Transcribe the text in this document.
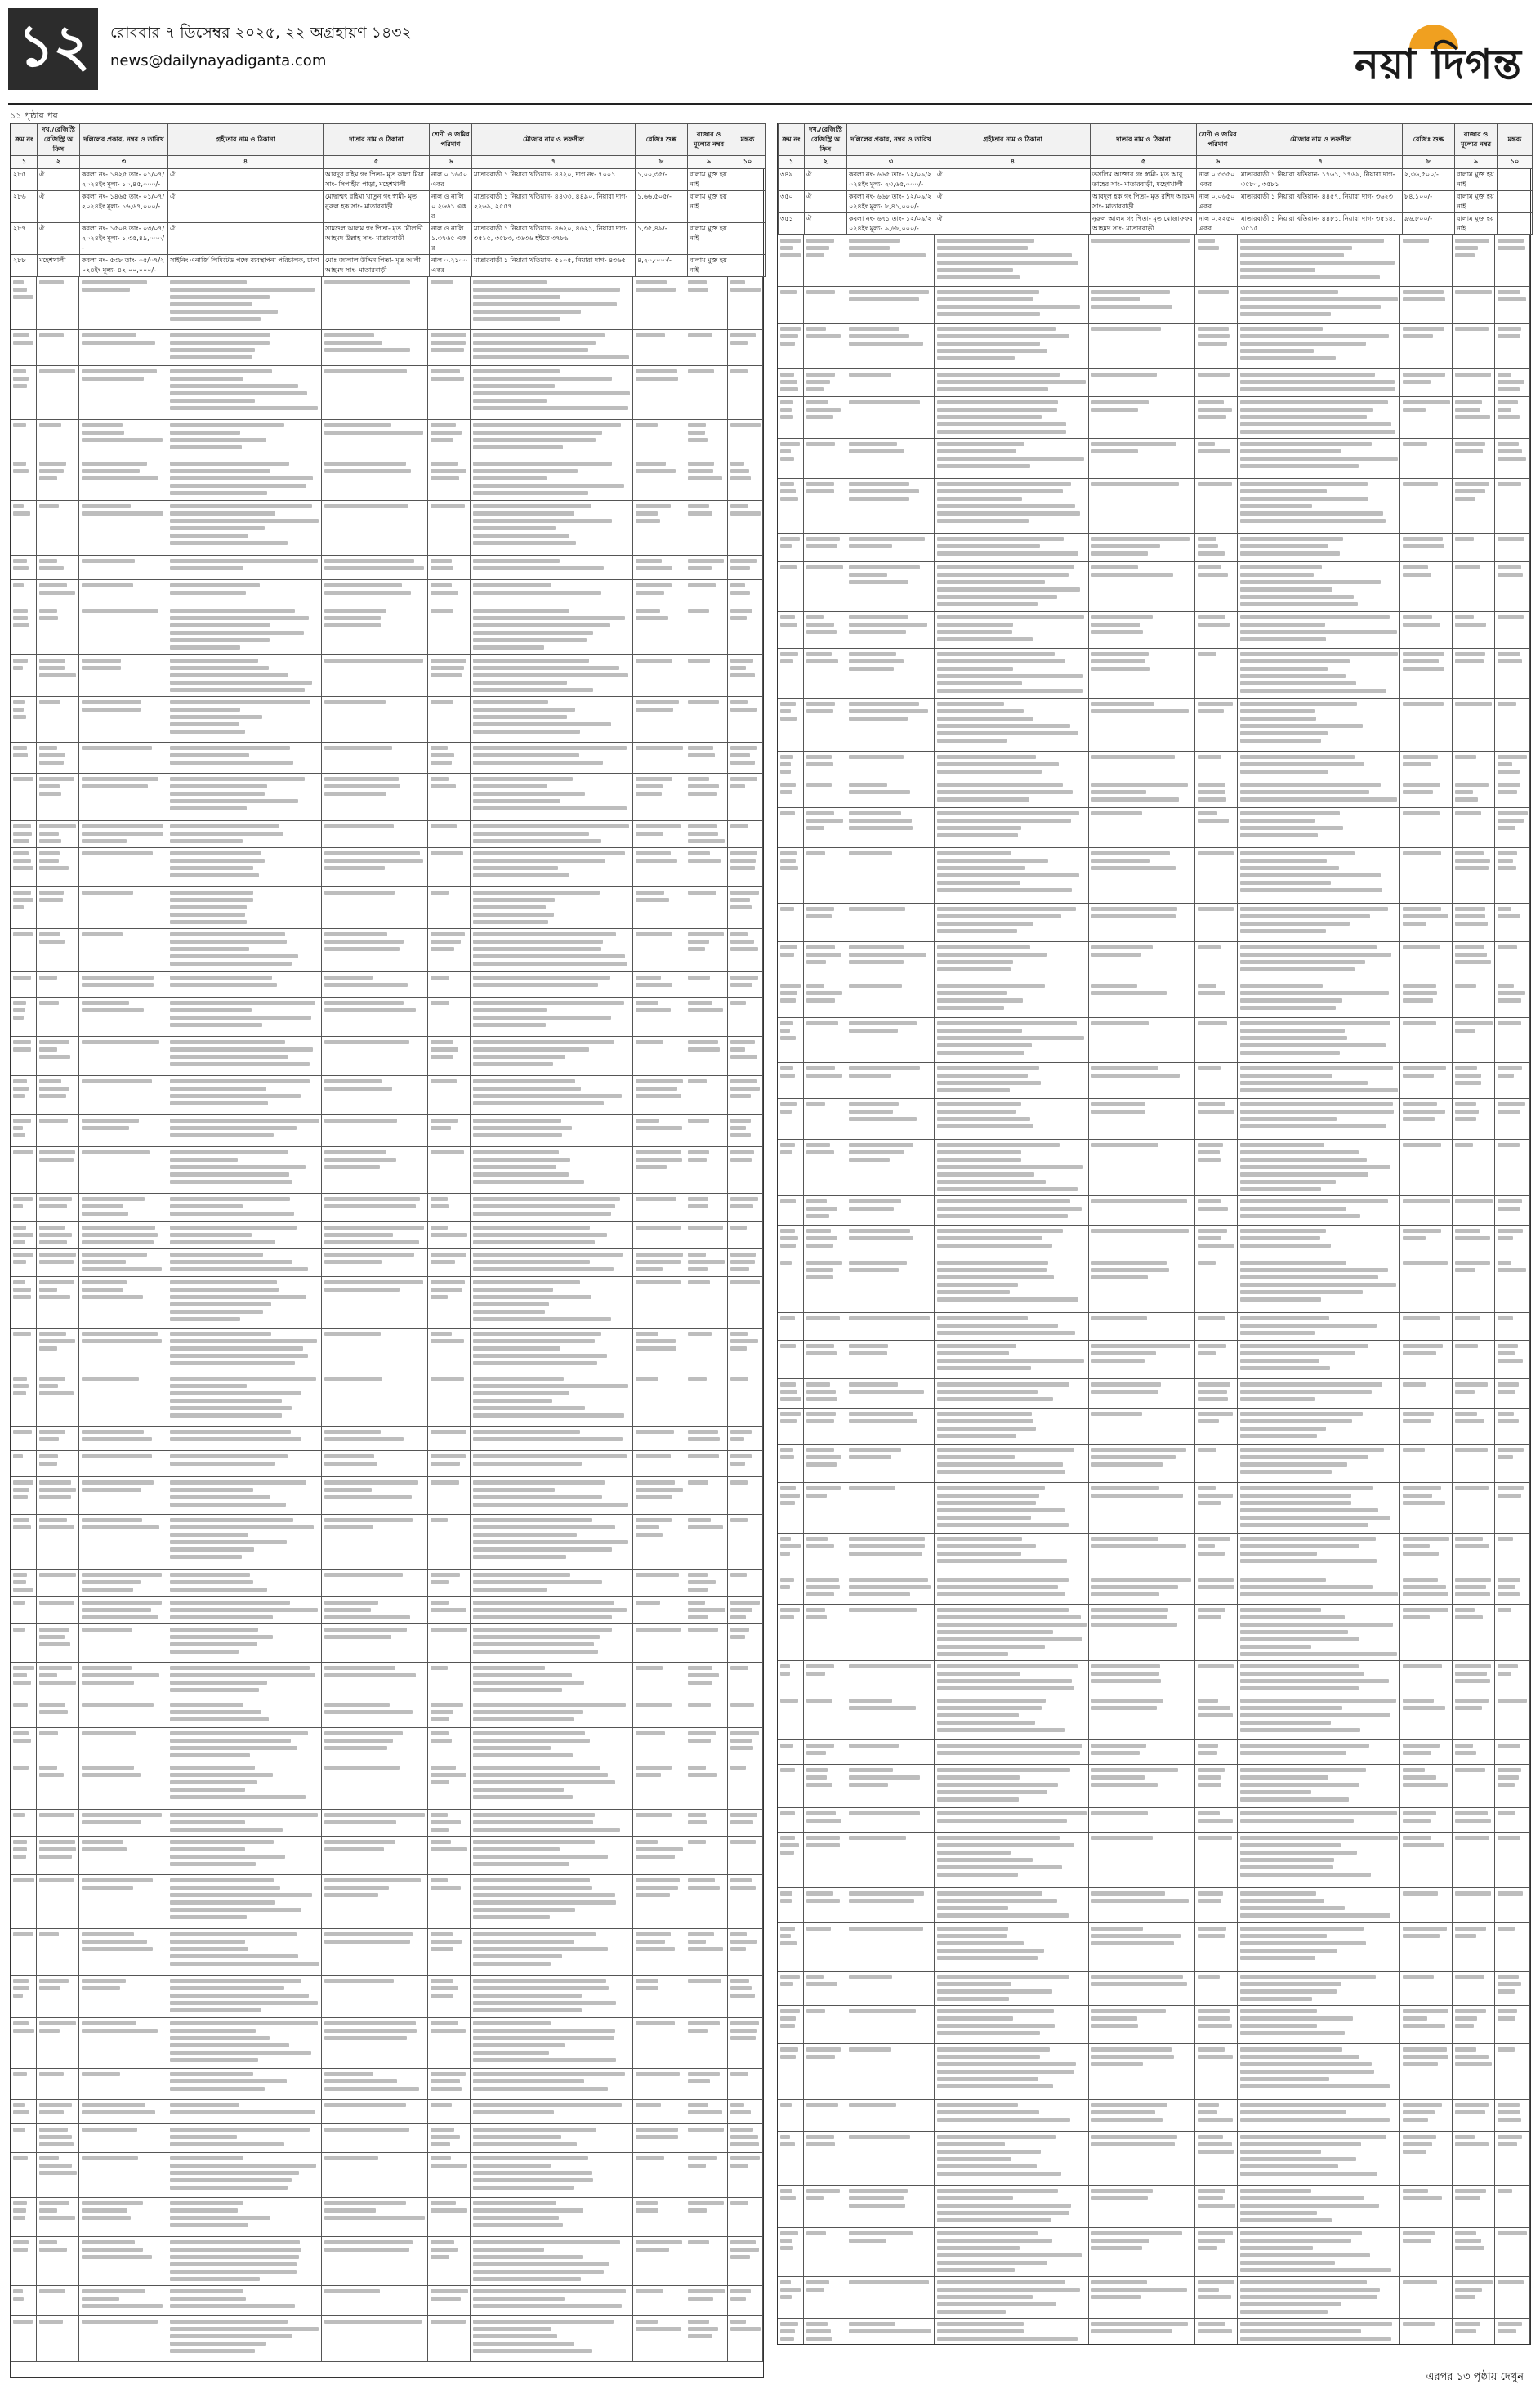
১২	রোববার ৭ ডিসেম্বর ২০২৫, ২২ অগ্রহায়ণ ১৪৩২
news@dailynayadiganta.com	নয়া দিগন্ত
১১ পৃষ্ঠার পর
ক্রম নং	দখ./রেজিস্ট্রি রেজিস্ট্রি অফিস	দলিলের প্রকার, নম্বর ও তারিখ	গ্রহীতার নাম ও ঠিকানা	দাতার নাম ও ঠিকানা	শ্রেণী ও জমির পরিমাণ	মৌজার নাম ও তফসীল	রেজিঃ শুল্ক	বাজার ও মূল্যের নম্বর	মন্তব্য
১	২	৩	৪	৫	৬	৭	৮	৯	১০
২৮৫	ঐ	কবলা নং- ১৪২৫ তাং- ০১/০৭/২০২৪ইং মূল্য- ১০,৪৫,০০০/-	ঐ	আবদুর রহিম গং পিতা- মৃত কালা মিয়া সাং- সিপাহীর পাড়া, মহেশখালী	নাল ০.১৬৫০ একর	মাতারবাড়ী ১ নিয়ারা খতিয়ান- ৪৪২০, দাগ নং- ৭০০১	১,০০,৩৫/-	বালাম মুক্ত হয় নাই	
২৮৬	ঐ	কবলা নং- ১৪৬৫ তাং- ০১/০৭/২০২৪ইং মূল্য- ১৬,৬৭,০০০/-	ঐ	মোছাম্মৎ রহিমা খাতুন গং স্বামী- মৃত নুরুল হক সাং- মাতারবাড়ী	নাল ও নালি ০.২৬৬১ একর	মাতারবাড়ী ১ নিয়ারা খতিয়ান- ৪৪৩৩, ৪৪৯০, নিয়ারা দাগ- ২২৬৯, ২৫৫৭	১,৬৬,৫০৫/-	বালাম মুক্ত হয় নাই	
২৮৭	ঐ	কবলা নং- ১৫০৪ তাং- ০৩/০৭/২০২৪ইং মূল্য- ১,৩৫,৪৯,০০০/-	ঐ	সামশুল আলম গং পিতা- মৃত মৌলভী আহমদ উল্লাহ সাং- মাতারবাড়ী	নাল ও নালি ১.৩৭৬৫ একর	মাতারবাড়ী ১ নিয়ারা খতিয়ান- ৪৬২০, ৪৬২১, নিয়ারা দাগ- ৩৫১৫, ৩৫৮৩, ৩৬৩৬ হইতে ৩৭৮৯	১,৩৫,৪৯/-	বালাম মুক্ত হয় নাই	
২৮৮	মহেশখালী	কবলা নং- ৫৩৮ তাং- ০৫/০৭/২০২৪ইং মূল্য- ৪২,০০,০০০/-	সাইনিং এনার্জি লিমিটেড পক্ষে ব্যবস্থাপনা পরিচালক, ঢাকা	মোঃ জালাল উদ্দিন পিতা- মৃত আলী আহমদ সাং- মাতারবাড়ী	নাল ০.২১০০ একর	মাতারবাড়ী ১ নিয়ারা খতিয়ান- ৫১০৫, নিয়ারা দাগ- ৪৩৬৫	৪,২০,০০০/-	বালাম মুক্ত হয় নাই	
ক্রম নং	দখ./রেজিস্ট্রি রেজিস্ট্রি অফিস	দলিলের প্রকার, নম্বর ও তারিখ	গ্রহীতার নাম ও ঠিকানা	দাতার নাম ও ঠিকানা	শ্রেণী ও জমির পরিমাণ	মৌজার নাম ও তফসীল	রেজিঃ শুল্ক	বাজার ও মূল্যের নম্বর	মন্তব্য
১	২	৩	৪	৫	৬	৭	৮	৯	১০
৩৪৯	ঐ	কবলা নং- ৬৬৫ তাং- ১২/০৯/২০২৪ইং মূল্য- ২৩,৬৫,০০০/-	ঐ	তসলিম আক্তার গং স্বামী- মৃত আবু তাহের সাং- মাতারবাড়ী, মহেশখালী	নাল ০.৩৩৫০ একর	মাতারবাড়ী ১ নিয়ারা খতিয়ান- ১৭৬১, ১৭৬৯, নিয়ারা দাগ- ৩৫৮০, ৩৫৮১	২,৩৬,৫০০/-	বালাম মুক্ত হয় নাই	
৩৫০	ঐ	কবলা নং- ৬৬৮ তাং- ১২/০৯/২০২৪ইং মূল্য- ৮,৪১,০০০/-	ঐ	আবদুল হক গং পিতা- মৃত রশিদ আহমদ সাং- মাতারবাড়ী	নাল ০.০৬৫০ একর	মাতারবাড়ী ১ নিয়ারা খতিয়ান- ৪৪৫৭, নিয়ারা দাগ- ৩৬২৩	৮৪,১০০/-	বালাম মুক্ত হয় নাই	
৩৫১	ঐ	কবলা নং- ৬৭১ তাং- ১২/০৯/২০২৪ইং মূল্য- ৯,৬৮,০০০/-	ঐ	নুরুল আলম গং পিতা- মৃত মোজাফফর আহমদ সাং- মাতারবাড়ী	নাল ০.২২৫০ একর	মাতারবাড়ী ১ নিয়ারা খতিয়ান- ৪৪৮১, নিয়ারা দাগ- ৩৫১৪, ৩৫১৫	৯৬,৮০০/-	বালাম মুক্ত হয় নাই	
এরপর ১৩ পৃষ্ঠায় দেখুন
